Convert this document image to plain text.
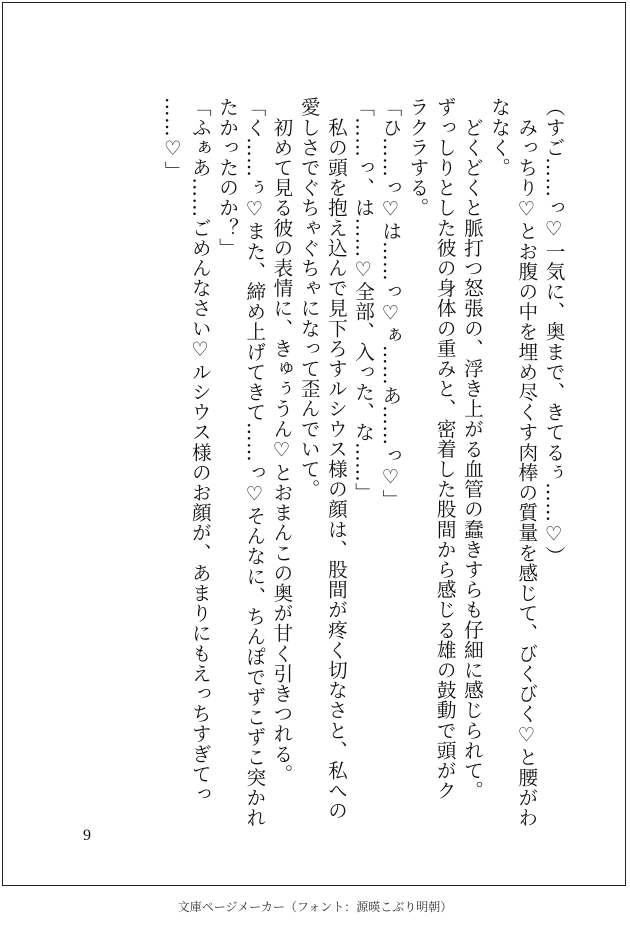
（すご……っ♡一気に、奥まで、きてるぅ……♡）

　みっちり♡とお腹の中を埋め尽くす肉棒の質量を感じて、びくびく♡と腰がわ

ななく。

　どくどくと脈打つ怒張の、浮き上がる血管の蠢きすらも仔細に感じられて。

ずっしりとした彼の身体の重みと、密着した股間から感じる雄の鼓動で頭がク

ラクラする。

「ひ……っ♡は……っ♡ぁ……あ……っ♡」

「……っ、は……♡全部、入った、な……」

　私の頭を抱え込んで見下ろすルシウス様の顔は、股間が疼く切なさと、私への

愛しさでぐちゃぐちゃになって歪んでいて。

　初めて見る彼の表情に、きゅぅうん♡とおまんこの奥が甘く引きつれる。

「く……ぅ♡また、締め上げてきて……っ♡そんなに、ちんぽでずこずこ突かれ

たかったのか？」

「ふぁあ……ごめんなさい♡ルシウス様のお顔が、あまりにもえっちすぎてっ

……♡」

9
文庫ページメーカー（フォント：源暎こぶり明朝）
